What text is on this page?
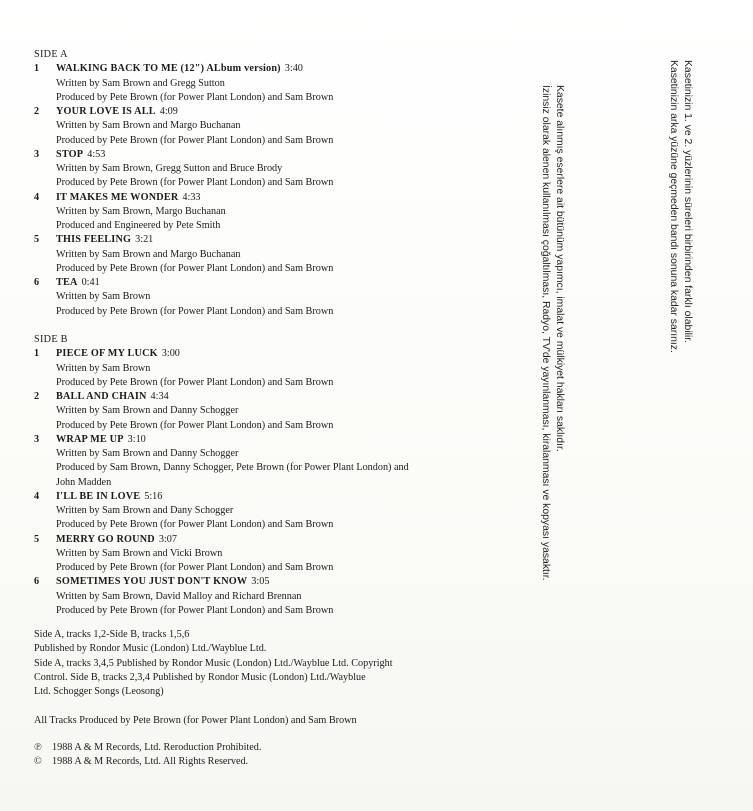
SIDE A
1	WALKING BACK TO ME (12") ALbum version) 3:40
Written by Sam Brown and Gregg Sutton
Produced by Pete Brown (for Power Plant London) and Sam Brown
2	YOUR LOVE IS ALL 4:09
Written by Sam Brown and Margo Buchanan
Produced by Pete Brown (for Power Plant London) and Sam Brown
3	STOP 4:53
Written by Sam Brown, Gregg Sutton and Bruce Brody
Produced by Pete Brown (for Power Plant London) and Sam Brown
4	IT MAKES ME WONDER 4:33
Written by Sam Brown, Margo Buchanan
Produced and Engineered by Pete Smith
5	THIS FEELING 3:21
Written by Sam Brown and Margo Buchanan
Produced by Pete Brown (for Power Plant London) and Sam Brown
6	TEA 0:41
Written by Sam Brown
Produced by Pete Brown (for Power Plant London) and Sam Brown
SIDE B
1	PIECE OF MY LUCK 3:00
Written by Sam Brown
Produced by Pete Brown (for Power Plant London) and Sam Brown
2	BALL AND CHAIN 4:34
Written by Sam Brown and Danny Schogger
Produced by Pete Brown (for Power Plant London) and Sam Brown
3	WRAP ME UP 3:10
Written by Sam Brown and Danny Schogger
Produced by Sam Brown, Danny Schogger, Pete Brown (for Power Plant London) and
John Madden
4	I'LL BE IN LOVE 5:16
Written by Sam Brown and Dany Schogger
Produced by Pete Brown (for Power Plant London) and Sam Brown
5	MERRY GO ROUND 3:07
Written by Sam Brown and Vicki Brown
Produced by Pete Brown (for Power Plant London) and Sam Brown
6	SOMETIMES YOU JUST DON'T KNOW 3:05
Written by Sam Brown, David Malloy and Richard Brennan
Produced by Pete Brown (for Power Plant London) and Sam Brown
Side A, tracks 1,2-Side B, tracks 1,5,6
Published by Rondor Music (London) Ltd./Wayblue Ltd.
Side A, tracks 3,4,5 Published by Rondor Music (London) Ltd./Wayblue Ltd. Copyright
Control. Side B, tracks 2,3,4 Published by Rondor Music (London) Ltd./Wayblue
Ltd. Schogger Songs (Leosong)
All Tracks Produced by Pete Brown (for Power Plant London) and Sam Brown
℗ 1988 A & M Records, Ltd. Reroduction Prohibited.
© 1988 A & M Records, Ltd. All Rights Reserved.
Kasete alınmış eserlere ait bütünüm yapımcı, imalat ve mülkiyet hakları saklıdır.
İzinsiz olarak alenen kullanılması çoğaltılması, Radyo, TV'de yayınlanması, kiralanması ve kopyası yasaktır.	Kasetinizin 1. ve 2. yüzlerinin süreleri birbirinden farklı olabilir.
Kasetinizin arka yüzüne geçmeden bandı sonuna kadar sarınız.
